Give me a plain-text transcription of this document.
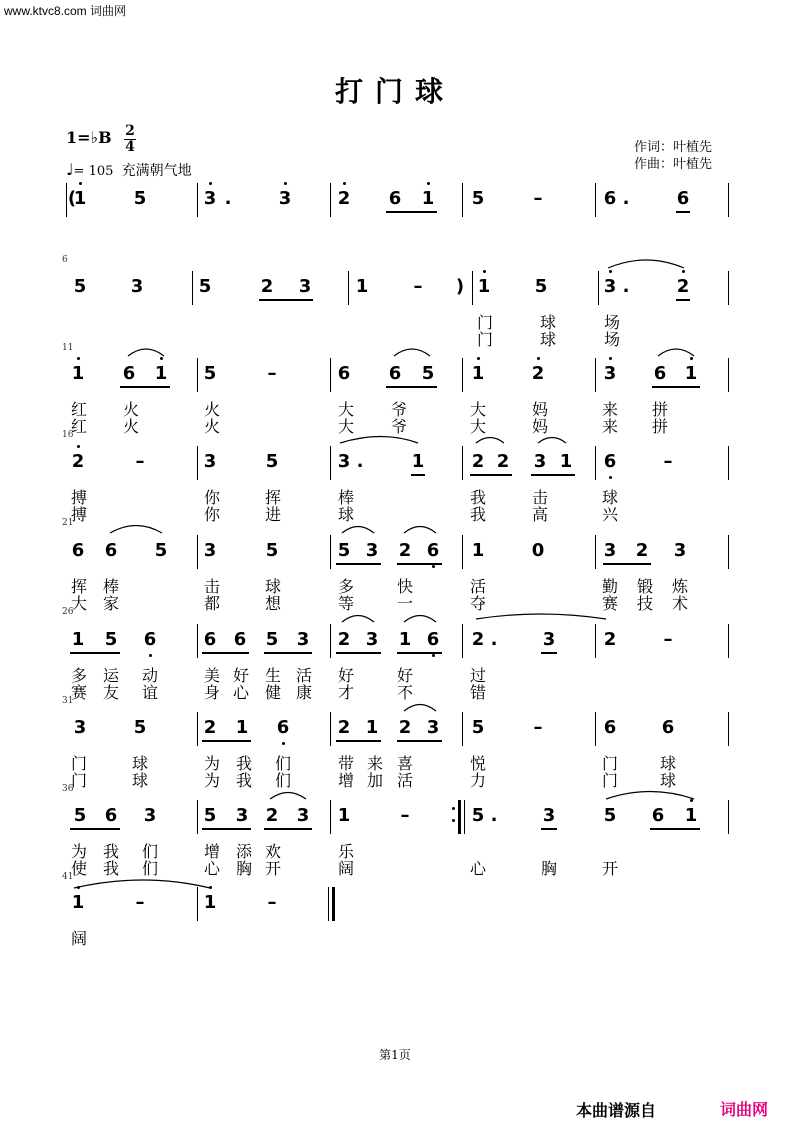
www.ktvc8.com 词曲网
打门球
1=♭B 2
4
♩= 105 充满朝气地
作词：叶植先
作曲：叶植先
(
1	5	3 .	3	2 6 1 5	–	6 .	6
5 3	5	2 3 1	–	) 1 5	3 .	2
门	球	场
门	球	场
1 6 1 5	–	6 6 5 1	2	3 6 1
红 火	火	大 爷	大	妈	来 拼
红 火	火	大 爷	大	妈	来 拼
2	–	3	5	3 .	1	2 2 3 1 6	–
搏	你	挥	棒	我	击	球
搏	你	进	球	我	高	兴
6 6 5 3	5	5 3 2 6 1	0	3 2 3
挥 棒	击	球	多	快	活	勤 锻 炼
大 家	都	想	等	一	夺	赛 技 术
1 5 6	6 6 5 3 2 3 1 6 2 .	3	2	–
多 运 动	美 好 生 活 好	好	过
赛 友 谊	身 心 健 康 才	不	错
3	5	2 1 6	2 1 2 3 5	–	6	6
门	球	为 我 们	带 来 喜	悦	门	球
门	球	为 我 们	增 加 活	力	门	球
5 6 3	5 3 2 3 1	–	5 .	3	5 6 1
为 我 们	增 添 欢	乐
使 我 们	心 胸 开	阔	心	胸	开
1	–	1	–
阔
6
11
16
21
26
31
36
41
第1页
本曲谱源自	词曲网
